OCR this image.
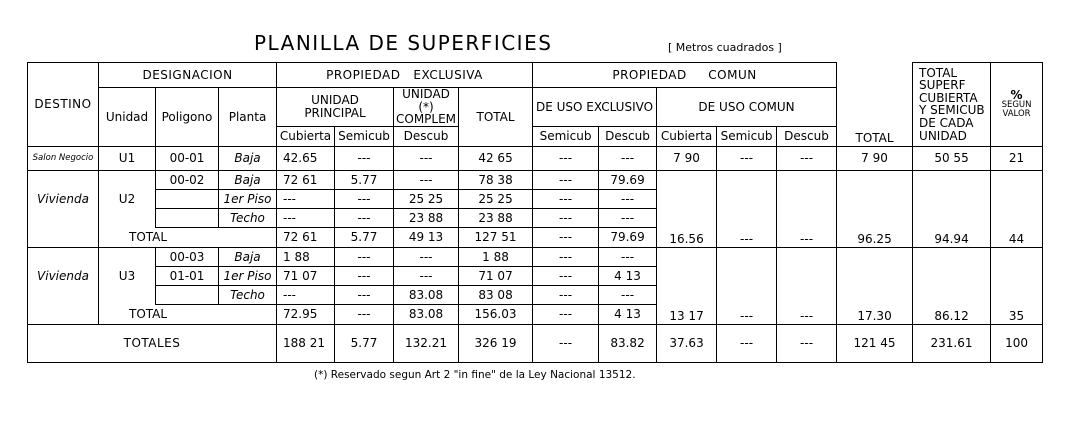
PLANILLA DE SUPERFICIES	[ Metros cuadrados ]
DESTINO	DESIGNACION			PROPIEDAD   EXCLUSIVA				PROPIEDAD     COMUN					TOTAL	TOTAL SUPERF CUBIERTA Y SEMICUB DE CADA UNIDAD	%
SEGUN VALOR

	Unidad	Poligono	Planta	UNIDAD PRINCIPAL		UNIDAD (*) COMPLEM	TOTAL	DE USO EXCLUSIVO		DE USO COMUN					
				Cubierta	Semicub	Descub		Semicub	Descub	Cubierta	Semicub	Descub			
Salon Negocio	U1	00-01	Baja	42.65	---	---	42 65	---	---	7 90	---	---	7 90	50 55	21
Vivienda	U2	00-02	Baja	72 61	5.77	---	78 38	---	79.69	16.56	---	---	96.25	94.94	44
			1er Piso	---	---	25 25	25 25	---	---						
			Techo	---	---	23 88	23 88	---	---						
	TOTAL			72 61	5.77	49 13	127 51	---	79.69						
Vivienda	U3	00-03	Baja	1 88	---	---	1 88	---	---	13 17	---	---	17.30	86.12	35
		01-01	1er Piso	71 07	---	---	71 07	---	4 13						
			Techo	---	---	83.08	83 08	---	---						
	TOTAL			72.95	---	83.08	156.03	---	4 13						
TOTALES				188 21	5.77	132.21	326 19	---	83.82	37.63	---	---	121 45	231.61	100
(*) Reservado segun Art 2 "in fine" de la Ley Nacional 13512.
